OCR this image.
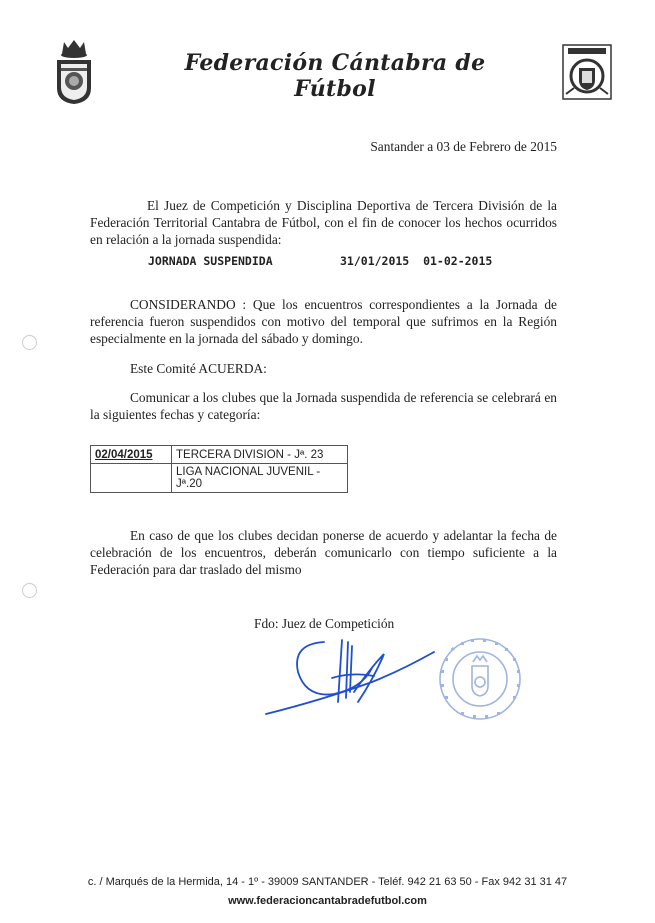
Federación Cántabra de Fútbol
Santander a 03 de Febrero de 2015
El Juez de Competición y Disciplina Deportiva de Tercera División de la Federación Territorial Cantabra de Fútbol, con el fin de conocer los hechos ocurridos en relación a la jornada suspendida:
JORNADA SUSPENDIDA	31/01/2015  01-02-2015
CONSIDERANDO : Que los encuentros correspondientes a la Jornada de referencia fueron suspendidos con motivo del temporal que sufrimos en la Región especialmente en la jornada del sábado y domingo.
Este Comité ACUERDA:
Comunicar a los clubes que la Jornada suspendida de referencia se celebrará en la siguientes fechas y categoría:
02/04/2015	TERCERA DIVISION - Jª. 23
	LIGA NACIONAL JUVENIL - Jª.20
En caso de que los clubes decidan ponerse de acuerdo y adelantar la fecha de celebración de los encuentros, deberán comunicarlo con tiempo suficiente a la Federación para dar traslado del mismo
Fdo: Juez de Competición
c. / Marqués de la Hermida, 14 - 1º - 39009 SANTANDER - Teléf. 942 21 63 50 - Fax 942 31 31 47
www.federacioncantabradefutbol.com
